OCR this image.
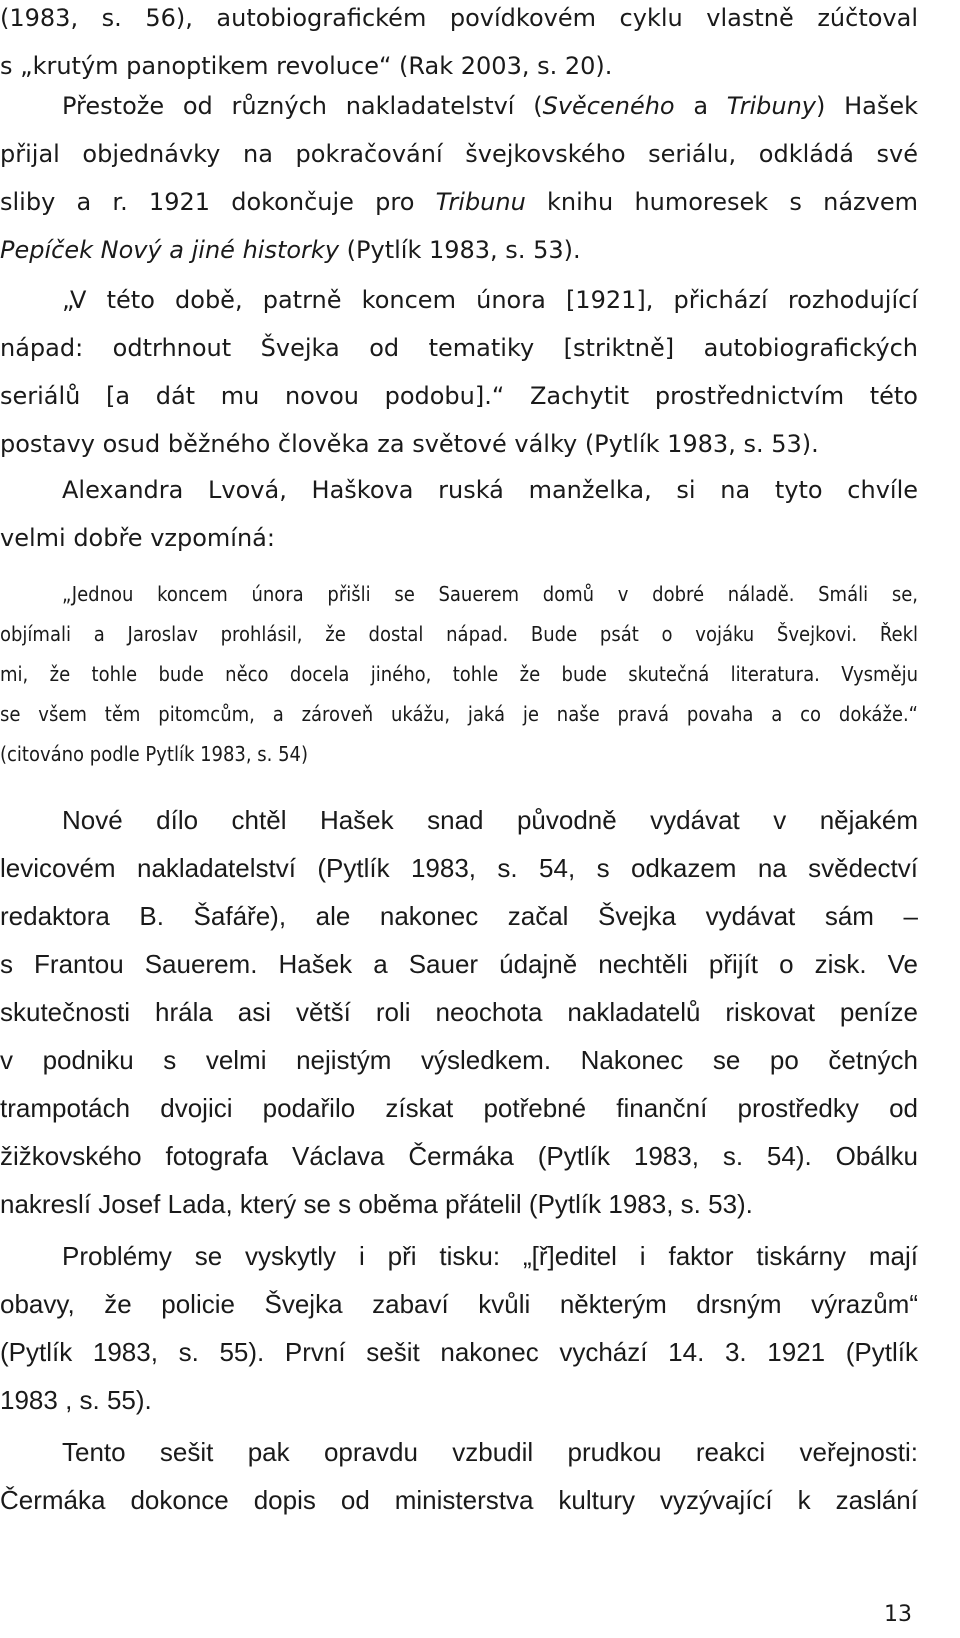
(1983, s. 56), autobiografickém povídkovém cyklu vlastně zúčtoval
s „krutým panoptikem revoluce“ (Rak 2003, s. 20).
Přestože od různých nakladatelství (Svěceného a Tribuny) Hašek
přijal objednávky na pokračování švejkovského seriálu, odkládá své
sliby a r. 1921 dokončuje pro Tribunu knihu humoresek s názvem
Pepíček Nový a jiné historky (Pytlík 1983, s. 53).
„V této době, patrně koncem února [1921], přichází rozhodující
nápad: odtrhnout Švejka od tematiky [striktně] autobiografických
seriálů [a dát mu novou podobu].“ Zachytit prostřednictvím této
postavy osud běžného člověka za světové války (Pytlík 1983, s. 53).
Alexandra Lvová, Haškova ruská manželka, si na tyto chvíle
velmi dobře vzpomíná:
„Jednou koncem února přišli se Sauerem domů v dobré náladě. Smáli se,
objímali a Jaroslav prohlásil, že dostal nápad. Bude psát o vojáku Švejkovi. Řekl
mi, že tohle bude něco docela jiného, tohle že bude skutečná literatura. Vysměju
se všem těm pitomcům, a zároveň ukážu, jaká je naše pravá povaha a co dokáže.“
(citováno podle Pytlík 1983, s. 54)
Nové dílo chtěl Hašek snad původně vydávat v nějakém
levicovém nakladatelství (Pytlík 1983, s. 54, s odkazem na svědectví
redaktora B. Šafáře), ale nakonec začal Švejka vydávat sám –
s Frantou Sauerem. Hašek a Sauer údajně nechtěli přijít o zisk. Ve
skutečnosti hrála asi větší roli neochota nakladatelů riskovat peníze
v podniku s velmi nejistým výsledkem. Nakonec se po četných
trampotách dvojici podařilo získat potřebné finanční prostředky od
žižkovského fotografa Václava Čermáka (Pytlík 1983, s. 54). Obálku
nakreslí Josef Lada, který se s oběma přátelil (Pytlík 1983, s. 53).
Problémy se vyskytly i při tisku: „[ř]editel i faktor tiskárny mají
obavy, že policie Švejka zabaví kvůli některým drsným výrazům“
(Pytlík 1983, s. 55). První sešit nakonec vychází 14. 3. 1921 (Pytlík
1983 , s. 55).
Tento sešit pak opravdu vzbudil prudkou reakci veřejnosti:
Čermáka dokonce dopis od ministerstva kultury vyzývající k zaslání
13
